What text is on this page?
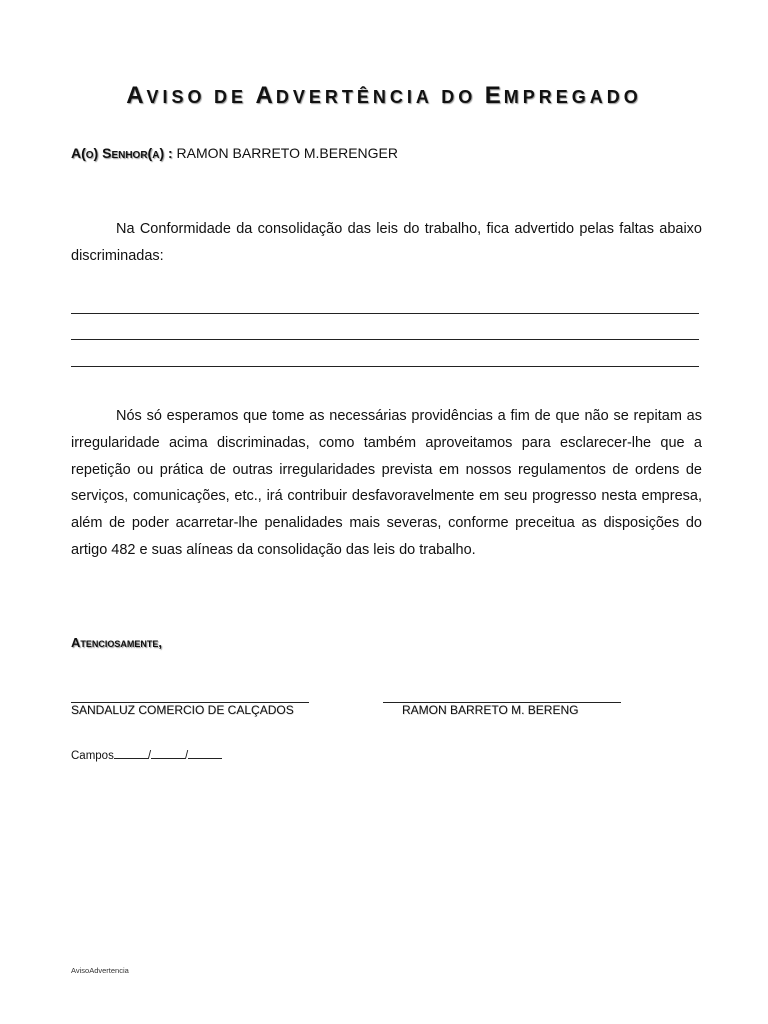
AVISO DE ADVERTÊNCIA DO EMPREGADO
A(o) Senhor(a) : RAMON BARRETO M.BERENGER

Na Conformidade da consolidação das leis do trabalho, fica advertido pelas faltas abaixo discriminadas:

Nós só esperamos que tome as necessárias providências a fim de que não se repitam as irregularidade acima discriminadas, como também aproveitamos para esclarecer-lhe que a repetição ou prática de outras irregularidades prevista em nossos regulamentos de ordens de serviços, comunicações, etc., irá contribuir desfavoravelmente em seu progresso nesta empresa, além de poder acarretar-lhe penalidades mais severas, conforme preceitua as disposições do artigo 482 e suas alíneas da consolidação das leis do trabalho.

Atenciosamente,
SANDALUZ COMERCIO DE CALÇADOS	RAMON BARRETO M. BERENG
Campos	/	/
AvisoAdvertencia
